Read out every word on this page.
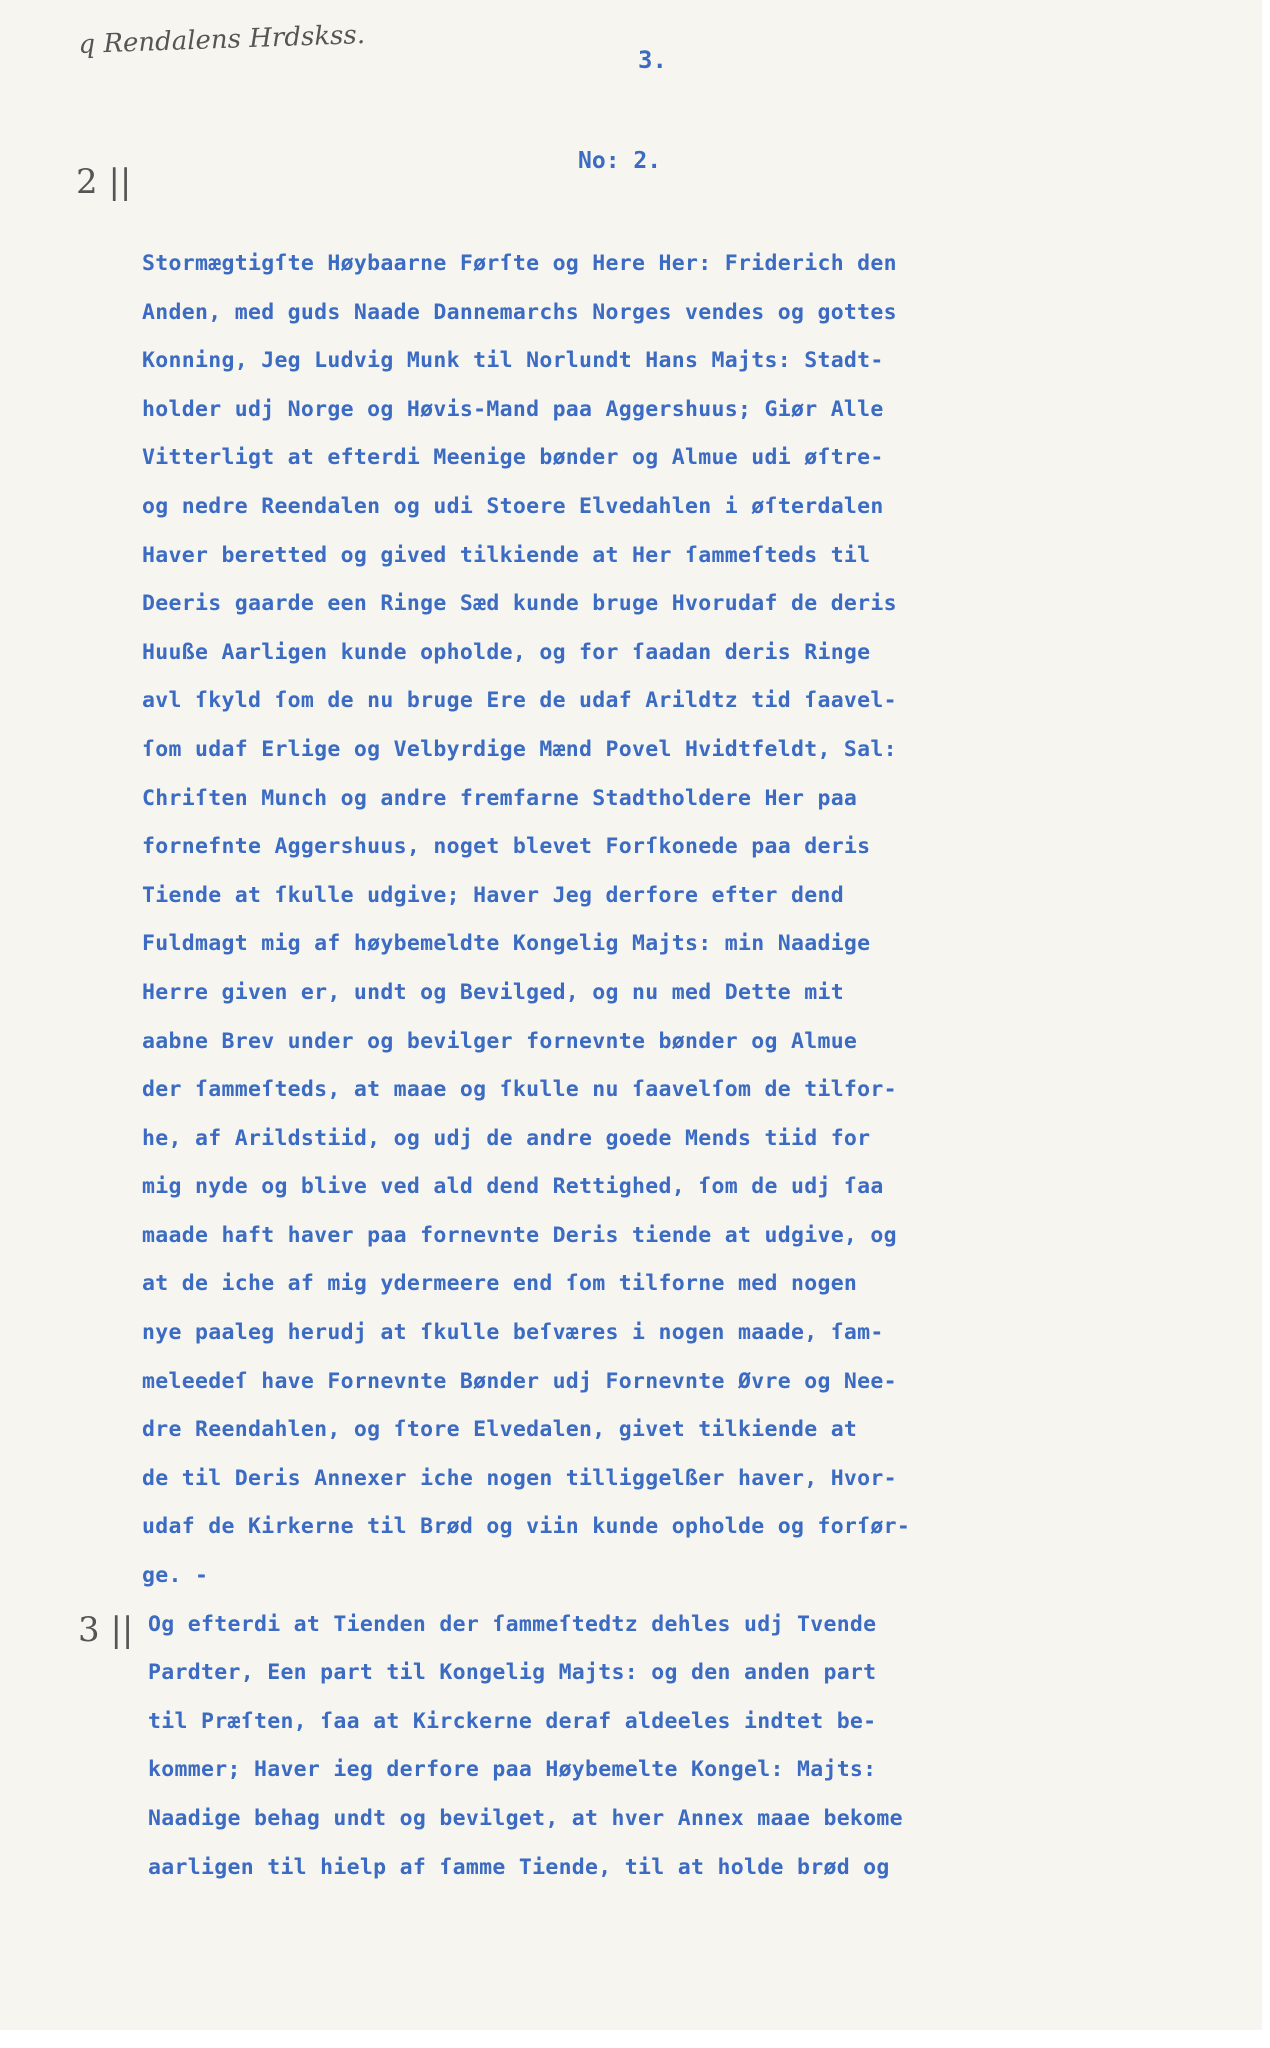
q Rendalens Hrdskss.
2 ||
3 ||
3.
No: 2.
Stormægtigſte Høybaarne Førſte og Here Her: Friderich den
Anden, med guds Naade Dannemarchs Norges vendes og gottes
Konning, Jeg Ludvig Munk til Norlundt Hans Majts: Stadt-
holder udj Norge og Høvis-Mand paa Aggershuus; Giør Alle
Vitterligt at efterdi Meenige bønder og Almue udi øſtre-
og nedre Reendalen og udi Stoere Elvedahlen i øſterdalen
Haver beretted og gived tilkiende at Her ſammeſteds til
Deeris gaarde een Ringe Sæd kunde bruge Hvorudaf de deris
Huuße Aarligen kunde opholde, og for ſaadan deris Ringe
avl ſkyld ſom de nu bruge Ere de udaf Arildtz tid ſaavel-
ſom udaf Erlige og Velbyrdige Mænd Povel Hvidtfeldt, Sal:
Chriſten Munch og andre fremfarne Stadtholdere Her paa
fornefnte Aggershuus, noget blevet Forſkonede paa deris
Tiende at ſkulle udgive; Haver Jeg derfore efter dend
Fuldmagt mig af høybemeldte Kongelig Majts: min Naadige
Herre given er, undt og Bevilged, og nu med Dette mit
aabne Brev under og bevilger fornevnte bønder og Almue
der ſammeſteds, at maae og ſkulle nu ſaavelſom de tilfor-
he, af Arildstiid, og udj de andre goede Mends tiid for
mig nyde og blive ved ald dend Rettighed, ſom de udj ſaa
maade haft haver paa fornevnte Deris tiende at udgive, og
at de iche af mig ydermeere end ſom tilforne med nogen
nye paaleg herudj at ſkulle beſværes i nogen maade, ſam-
meleedeſ have Fornevnte Bønder udj Fornevnte Øvre og Nee-
dre Reendahlen, og ſtore Elvedalen, givet tilkiende at
de til Deris Annexer iche nogen tilliggelßer haver, Hvor-
udaf de Kirkerne til Brød og viin kunde opholde og forſør-
ge. -
Og efterdi at Tienden der ſammeſtedtz dehles udj Tvende
Pardter, Een part til Kongelig Majts: og den anden part
til Præſten, ſaa at Kirckerne deraf aldeeles indtet be-
kommer; Haver ieg derfore paa Høybemelte Kongel: Majts:
Naadige behag undt og bevilget, at hver Annex maae bekome
aarligen til hielp af ſamme Tiende, til at holde brød og
